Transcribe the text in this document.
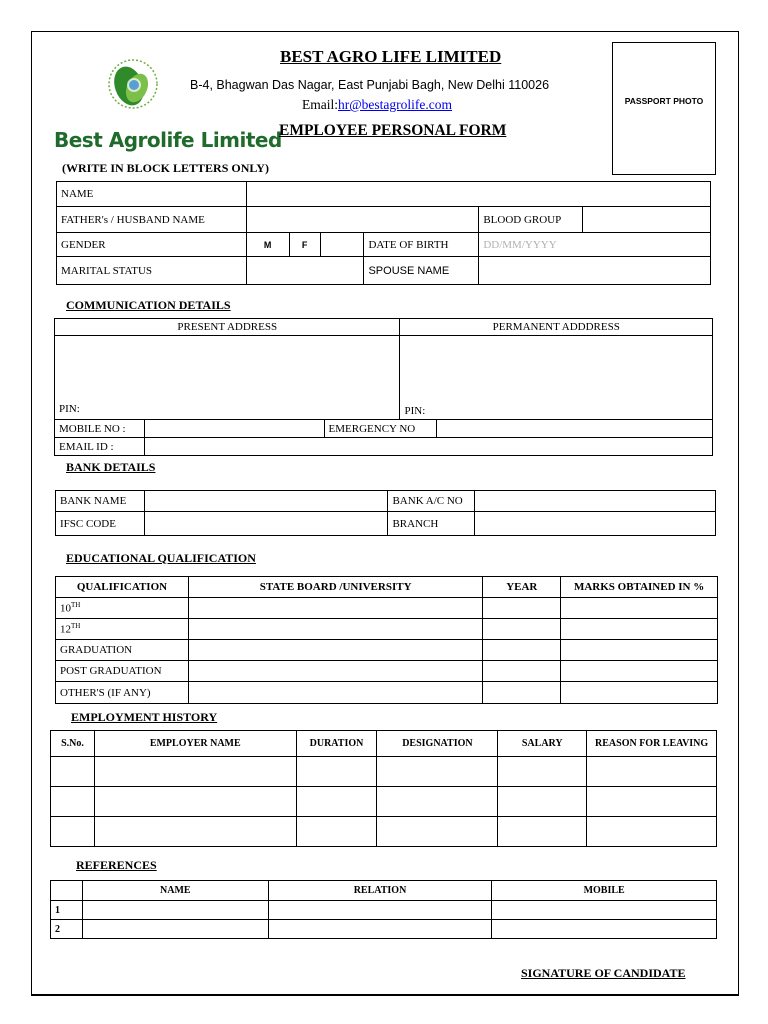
Best Agrolife Limited
BEST AGRO LIFE LIMITED
B-4, Bhagwan Das Nagar, East Punjabi Bagh, New Delhi 110026
Email:hr@bestagrolife.com
EMPLOYEE PERSONAL FORM
PASSPORT PHOTO
(WRITE IN BLOCK LETTERS ONLY)
NAME						
FATHER's / HUSBAND NAME					BLOOD GROUP	
GENDER	M	F		DATE OF BIRTH	DD/MM/YYYY	
MARITAL STATUS				SPOUSE NAME		
COMMUNICATION DETAILS
PRESENT ADDRESS			PERMANENT ADDDRESS	
PIN:			PIN:	
MOBILE NO :		EMERGENCY NO		
EMAIL ID :				
BANK DETAILS
BANK NAME		BANK A/C NO	
IFSC CODE		BRANCH	
EDUCATIONAL QUALIFICATION
QUALIFICATION	STATE BOARD /UNIVERSITY	YEAR	MARKS OBTAINED IN %
10TH			
12TH			
GRADUATION			
POST GRADUATION			
OTHER'S (IF ANY)			
EMPLOYMENT HISTORY
S.No.	EMPLOYER NAME	DURATION	DESIGNATION	SALARY	REASON FOR LEAVING

REFERENCES
	NAME	RELATION	MOBILE
1			
2			
SIGNATURE OF CANDIDATE
